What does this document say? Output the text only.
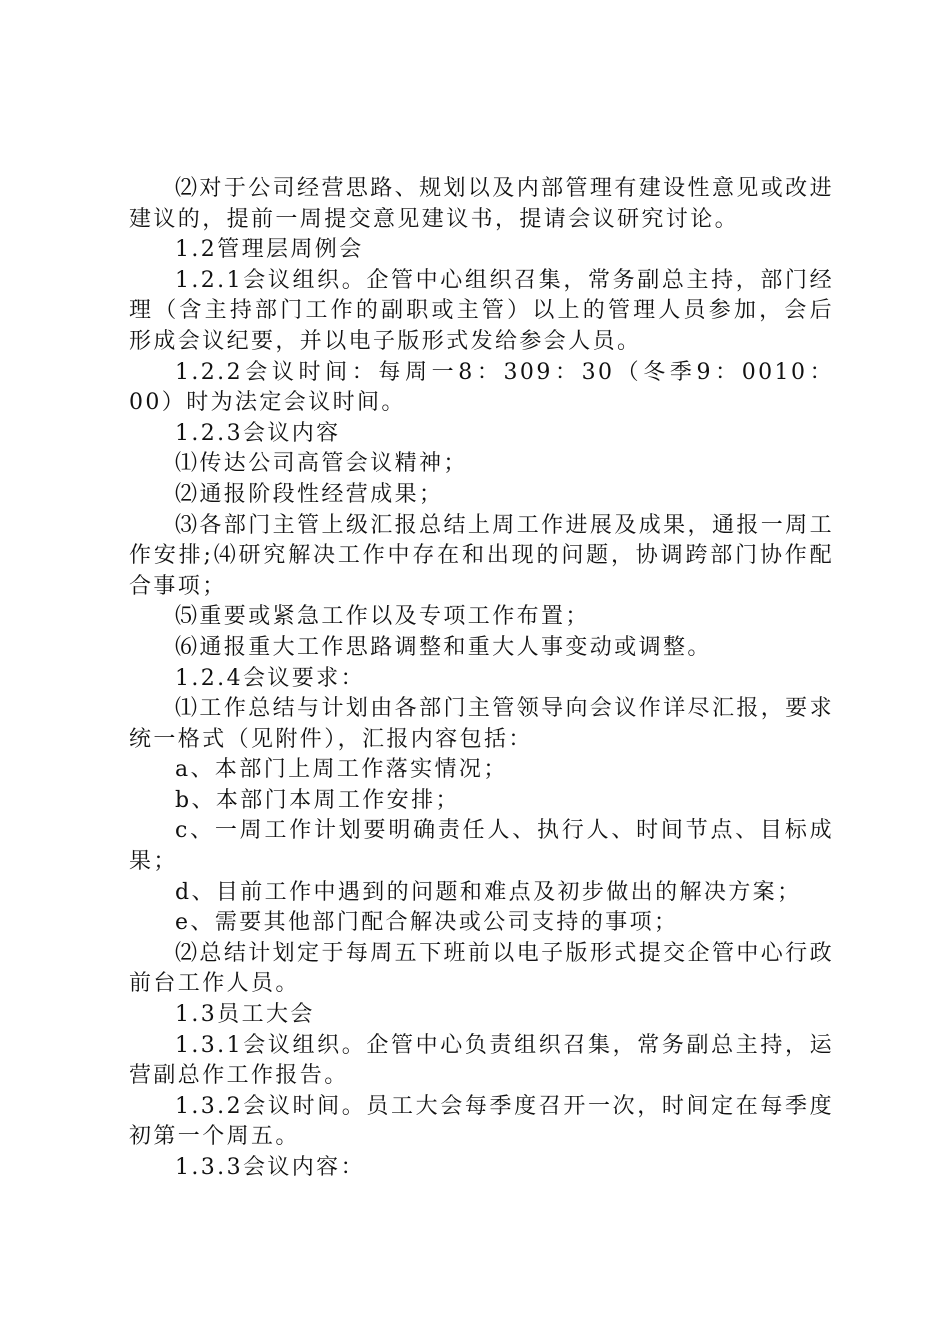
⑵对于公司经营思路、规划以及内部管理有建设性意见或改进建议的，提前一周提交意见建议书，提请会议研究讨论。

1.2管理层周例会

1.2.1会议组织。企管中心组织召集，常务副总主持，部门经理（含主持部门工作的副职或主管）以上的管理人员参加，会后形成会议纪要，并以电子版形式发给参会人员。

1.2.2会议时间：每周一8：309：30（冬季9：0010：00）时为法定会议时间。

1.2.3会议内容

⑴传达公司高管会议精神；

⑵通报阶段性经营成果；

⑶各部门主管上级汇报总结上周工作进展及成果，通报一周工作安排;⑷研究解决工作中存在和出现的问题，协调跨部门协作配合事项；

⑸重要或紧急工作以及专项工作布置；

⑹通报重大工作思路调整和重大人事变动或调整。

1.2.4会议要求：

⑴工作总结与计划由各部门主管领导向会议作详尽汇报，要求统一格式（见附件），汇报内容包括：

a、本部门上周工作落实情况；

b、本部门本周工作安排；

c、一周工作计划要明确责任人、执行人、时间节点、目标成果；

d、目前工作中遇到的问题和难点及初步做出的解决方案；

e、需要其他部门配合解决或公司支持的事项；

⑵总结计划定于每周五下班前以电子版形式提交企管中心行政前台工作人员。

1.3员工大会

1.3.1会议组织。企管中心负责组织召集，常务副总主持，运营副总作工作报告。

1.3.2会议时间。员工大会每季度召开一次，时间定在每季度初第一个周五。

1.3.3会议内容：
